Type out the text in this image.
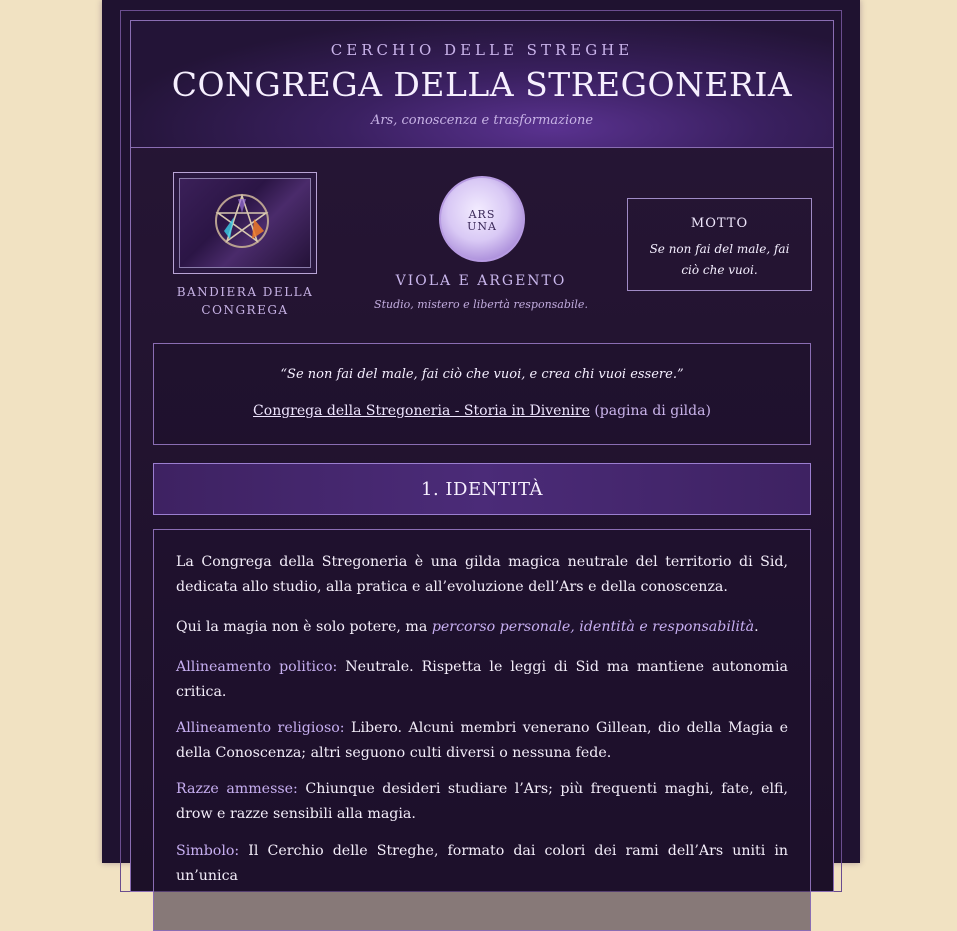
CERCHIO DELLE STREGHE
CONGREGA DELLA STREGONERIA
Ars, conoscenza e trasformazione
BANDIERA DELLA
CONGREGA
ARS
UNA
VIOLA E ARGENTO
Studio, mistero e libertà responsabile.
MOTTO
Se non fai del male, fai ciò che vuoi.
“Se non fai del male, fai ciò che vuoi, e crea chi vuoi essere.”
Congrega della Stregoneria - Storia in Divenire (pagina di gilda)
1. IDENTITÀ
La Congrega della Stregoneria è una gilda magica neutrale del territorio di Sid, dedicata allo studio, alla pratica e all’evoluzione dell’Ars e della conoscenza.
Qui la magia non è solo potere, ma percorso personale, identità e responsabilità.
Allineamento politico: Neutrale. Rispetta le leggi di Sid ma mantiene autonomia critica.
Allineamento religioso: Libero. Alcuni membri venerano Gillean, dio della Magia e della Conoscenza; altri seguono culti diversi o nessuna fede.
Razze ammesse: Chiunque desideri studiare l’Ars; più frequenti maghi, fate, elfi, drow e razze sensibili alla magia.
Simbolo: Il Cerchio delle Streghe, formato dai colori dei rami dell’Ars uniti in un’unica
